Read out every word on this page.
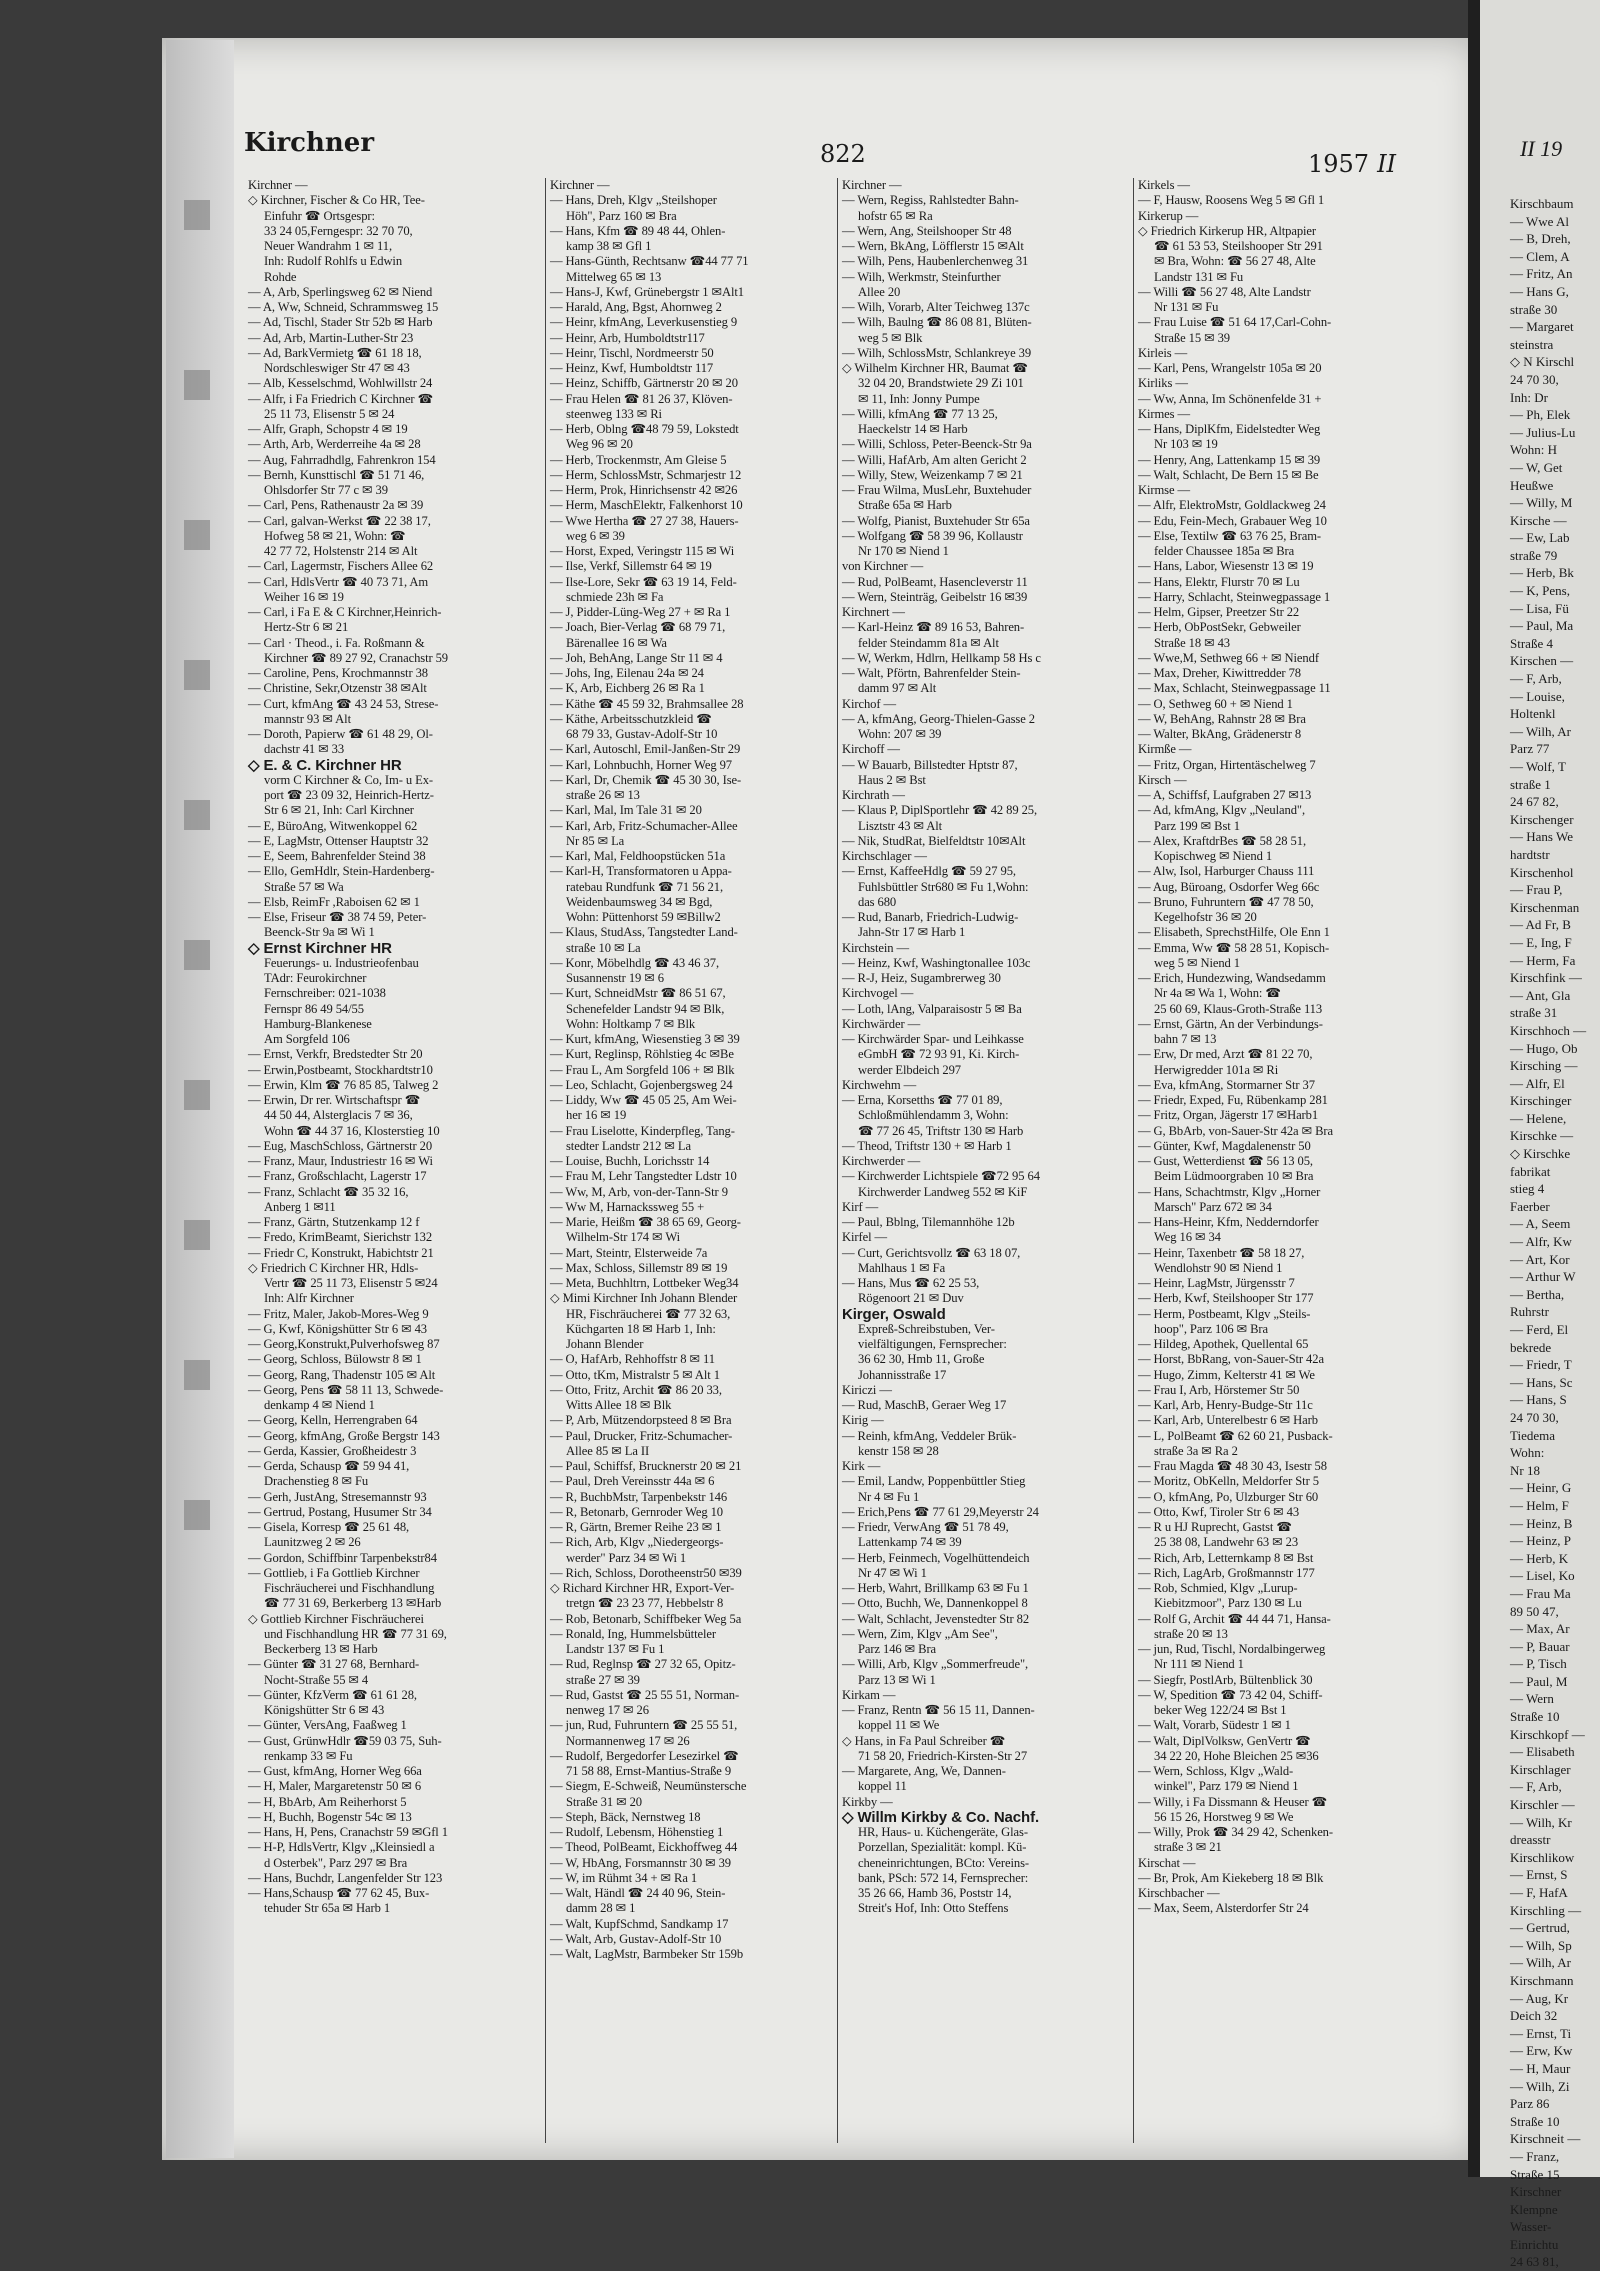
Kirchner	822	1957 II
Kirchner —
◇ Kirchner, Fischer & Co HR, Tee-
Einfuhr ☎ Ortsgespr:
33 24 05,Ferngespr: 32 70 70,
Neuer Wandrahm 1 ✉ 11,
Inh: Rudolf Rohlfs u Edwin
Rohde
— A, Arb, Sperlingsweg 62 ✉ Niend
— A, Ww, Schneid, Schrammsweg 15
— Ad, Tischl, Stader Str 52b ✉ Harb
— Ad, Arb, Martin-Luther-Str 23
— Ad, BarkVermietg ☎ 61 18 18,
Nordschleswiger Str 47 ✉ 43
— Alb, Kesselschmd, Wohlwillstr 24
— Alfr, i Fa Friedrich C Kirchner ☎
25 11 73, Elisenstr 5 ✉ 24
— Alfr, Graph, Schopstr 4 ✉ 19
— Arth, Arb, Werderreihe 4a ✉ 28
— Aug, Fahrradhdlg, Fahrenkron 154
— Bernh, Kunsttischl ☎ 51 71 46,
Ohlsdorfer Str 77 c ✉ 39
— Carl, Pens, Rathenaustr 2a ✉ 39
— Carl, galvan-Werkst ☎ 22 38 17,
Hofweg 58 ✉ 21, Wohn: ☎
42 77 72, Holstenstr 214 ✉ Alt
— Carl, Lagermstr, Fischers Allee 62
— Carl, HdlsVertr ☎ 40 73 71, Am
Weiher 16 ✉ 19
— Carl, i Fa E & C Kirchner,Heinrich-
Hertz-Str 6 ✉ 21
— Carl · Theod., i. Fa. Roßmann &
Kirchner ☎ 89 27 92, Cranachstr 59
— Caroline, Pens, Krochmannstr 38
— Christine, Sekr,Otzenstr 38 ✉Alt
— Curt, kfmAng ☎ 43 24 53, Strese-
mannstr 93 ✉ Alt
— Doroth, Papierw ☎ 61 48 29, Ol-
dachstr 41 ✉ 33
◇ E. & C. Kirchner HR
vorm C Kirchner & Co, Im- u Ex-
port ☎ 23 09 32, Heinrich-Hertz-
Str 6 ✉ 21, Inh: Carl Kirchner
— E, BüroAng, Witwenkoppel 62
— E, LagMstr, Ottenser Hauptstr 32
— E, Seem, Bahrenfelder Steind 38
— Ello, GemHdlr, Stein-Hardenberg-
Straße 57 ✉ Wa
— Elsb, ReimFr ,Raboisen 62 ✉ 1
— Else, Friseur ☎ 38 74 59, Peter-
Beenck-Str 9a ✉ Wi 1
◇ Ernst Kirchner HR
Feuerungs- u. Industrieofenbau
TAdr: Feurokirchner
Fernschreiber: 021-1038
Fernspr 86 49 54/55
Hamburg-Blankenese
Am Sorgfeld 106
— Ernst, Verkfr, Bredstedter Str 20
— Erwin,Postbeamt, Stockhardtstr10
— Erwin, Klm ☎ 76 85 85, Talweg 2
— Erwin, Dr rer. Wirtschaftspr ☎
44 50 44, Alsterglacis 7 ✉ 36,
Wohn ☎ 44 37 16, Klosterstieg 10
— Eug, MaschSchloss, Gärtnerstr 20
— Franz, Maur, Industriestr 16 ✉ Wi
— Franz, Großschlacht, Lagerstr 17
— Franz, Schlacht ☎ 35 32 16,
Anberg 1 ✉11
— Franz, Gärtn, Stutzenkamp 12 f
— Fredo, KrimBeamt, Sierichstr 132
— Friedr C, Konstrukt, Habichtstr 21
◇ Friedrich C Kirchner HR, Hdls-
Vertr ☎ 25 11 73, Elisenstr 5 ✉24
Inh: Alfr Kirchner
— Fritz, Maler, Jakob-Mores-Weg 9
— G, Kwf, Königshütter Str 6 ✉ 43
— Georg,Konstrukt,Pulverhofsweg 87
— Georg, Schloss, Bülowstr 8 ✉ 1
— Georg, Rang, Thadenstr 105 ✉ Alt
— Georg, Pens ☎ 58 11 13, Schwede-
denkamp 4 ✉ Niend 1
— Georg, Kelln, Herrengraben 64
— Georg, kfmAng, Große Bergstr 143
— Gerda, Kassier, Großheidestr 3
— Gerda, Schausp ☎ 59 94 41,
Drachenstieg 8 ✉ Fu
— Gerh, JustAng, Stresemannstr 93
— Gertrud, Postang, Husumer Str 34
— Gisela, Korresp ☎ 25 61 48,
Launitzweg 2 ✉ 26
— Gordon, Schiffbinr Tarpenbekstr84
— Gottlieb, i Fa Gottlieb Kirchner
Fischräucherei und Fischhandlung
☎ 77 31 69, Berkerberg 13 ✉Harb
◇ Gottlieb Kirchner Fischräucherei
und Fischhandlung HR ☎ 77 31 69,
Beckerberg 13 ✉ Harb
— Günter ☎ 31 27 68, Bernhard-
Nocht-Straße 55 ✉ 4
— Günter, KfzVerm ☎ 61 61 28,
Königshütter Str 6 ✉ 43
— Günter, VersAng, Faaßweg 1
— Gust, GrünwHdlr ☎59 03 75, Suh-
renkamp 33 ✉ Fu
— Gust, kfmAng, Horner Weg 66a
— H, Maler, Margaretenstr 50 ✉ 6
— H, BbArb, Am Reiherhorst 5
— H, Buchh, Bogenstr 54c ✉ 13
— Hans, H, Pens, Cranachstr 59 ✉Gfl 1
— H-P, HdlsVertr, Klgv „Kleinsiedl a
d Osterbek", Parz 297 ✉ Bra
— Hans, Buchdr, Langenfelder Str 123
— Hans,Schausp ☎ 77 62 45, Bux-
tehuder Str 65a ✉ Harb 1
Kirchner —
— Hans, Dreh, Klgv „Steilshoper
Höh", Parz 160 ✉ Bra
— Hans, Kfm ☎ 89 48 44, Ohlen-
kamp 38 ✉ Gfl 1
— Hans-Günth, Rechtsanw ☎44 77 71
Mittelweg 65 ✉ 13
— Hans-J, Kwf, Grünebergstr 1 ✉Alt1
— Harald, Ang, Bgst, Ahornweg 2
— Heinr, kfmAng, Leverkusenstieg 9
— Heinr, Arb, Humboldtstr117
— Heinr, Tischl, Nordmeerstr 50
— Heinz, Kwf, Humboldtstr 117
— Heinz, Schiffb, Gärtnerstr 20 ✉ 20
— Frau Helen ☎ 81 26 37, Klöven-
steenweg 133 ✉ Ri
— Herb, Oblng ☎48 79 59, Lokstedt
Weg 96 ✉ 20
— Herb, Trockenmstr, Am Gleise 5
— Herm, SchlossMstr, Schmarjestr 12
— Herm, Prok, Hinrichsenstr 42 ✉26
— Herm, MaschElektr, Falkenhorst 10
— Wwe Hertha ☎ 27 27 38, Hauers-
weg 6 ✉ 39
— Horst, Exped, Veringstr 115 ✉ Wi
— Ilse, Verkf, Sillemstr 64 ✉ 19
— Ilse-Lore, Sekr ☎ 63 19 14, Feld-
schmiede 23h ✉ Fa
— J, Pidder-Lüng-Weg 27 + ✉ Ra 1
— Joach, Bier-Verlag ☎ 68 79 71,
Bärenallee 16 ✉ Wa
— Joh, BehAng, Lange Str 11 ✉ 4
— Johs, Ing, Eilenau 24a ✉ 24
— K, Arb, Eichberg 26 ✉ Ra 1
— Käthe ☎ 45 59 32, Brahmsallee 28
— Käthe, Arbeitsschutzkleid ☎
68 79 33, Gustav-Adolf-Str 10
— Karl, Autoschl, Emil-Janßen-Str 29
— Karl, Lohnbuchh, Horner Weg 97
— Karl, Dr, Chemik ☎ 45 30 30, Ise-
straße 26 ✉ 13
— Karl, Mal, Im Tale 31 ✉ 20
— Karl, Arb, Fritz-Schumacher-Allee
Nr 85 ✉ La
— Karl, Mal, Feldhoopstücken 51a
— Karl-H, Transformatoren u Appa-
ratebau Rundfunk ☎ 71 56 21,
Weidenbaumsweg 34 ✉ Bgd,
Wohn: Püttenhorst 59 ✉Billw2
— Klaus, StudAss, Tangstedter Land-
straße 10 ✉ La
— Konr, Möbelhdlg ☎ 43 46 37,
Susannenstr 19 ✉ 6
— Kurt, SchneidMstr ☎ 86 51 67,
Schenefelder Landstr 94 ✉ Blk,
Wohn: Holtkamp 7 ✉ Blk
— Kurt, kfmAng, Wiesenstieg 3 ✉ 39
— Kurt, Reglinsp, Röhlstieg 4c ✉Be
— Frau L, Am Sorgfeld 106 + ✉ Blk
— Leo, Schlacht, Gojenbergsweg 24
— Liddy, Ww ☎ 45 05 25, Am Wei-
her 16 ✉ 19
— Frau Liselotte, Kinderpfleg, Tang-
stedter Landstr 212 ✉ La
— Louise, Buchh, Lorichsstr 14
— Frau M, Lehr Tangstedter Ldstr 10
— Ww, M, Arb, von-der-Tann-Str 9
— Ww M, Harnackssweg 55 +
— Marie, Heißm ☎ 38 65 69, Georg-
Wilhelm-Str 174 ✉ Wi
— Mart, Steintr, Elsterweide 7a
— Max, Schloss, Sillemstr 89 ✉ 19
— Meta, Buchhltrn, Lottbeker Weg34
◇ Mimi Kirchner Inh Johann Blender
HR, Fischräucherei ☎ 77 32 63,
Küchgarten 18 ✉ Harb 1, Inh:
Johann Blender
— O, HafArb, Rehhoffstr 8 ✉ 11
— Otto, tKm, Mistralstr 5 ✉ Alt 1
— Otto, Fritz, Archit ☎ 86 20 33,
Witts Allee 18 ✉ Blk
— P, Arb, Mützendorpsteed 8 ✉ Bra
— Paul, Drucker, Fritz-Schumacher-
Allee 85 ✉ La II
— Paul, Schiffsf, Brucknerstr 20 ✉ 21
— Paul, Dreh Vereinsstr 44a ✉ 6
— R, BuchbMstr, Tarpenbekstr 146
— R, Betonarb, Gernroder Weg 10
— R, Gärtn, Bremer Reihe 23 ✉ 1
— Rich, Arb, Klgv „Niedergeorgs-
werder" Parz 34 ✉ Wi 1
— Rich, Schloss, Dorotheenstr50 ✉39
◇ Richard Kirchner HR, Export-Ver-
tretgn ☎ 23 23 77, Hebbelstr 8
— Rob, Betonarb, Schiffbeker Weg 5a
— Ronald, Ing, Hummelsbütteler
Landstr 137 ✉ Fu 1
— Rud, Reglnsp ☎ 27 32 65, Opitz-
straße 27 ✉ 39
— Rud, Gastst ☎ 25 55 51, Norman-
nenweg 17 ✉ 26
— jun, Rud, Fuhruntern ☎ 25 55 51,
Normannenweg 17 ✉ 26
— Rudolf, Bergedorfer Lesezirkel ☎
71 58 88, Ernst-Mantius-Straße 9
— Siegm, E-Schweiß, Neumünstersche
Straße 31 ✉ 20
— Steph, Bäck, Nernstweg 18
— Rudolf, Lebensm, Höhenstieg 1
— Theod, PolBeamt, Eickhoffweg 44
— W, HbAng, Forsmannstr 30 ✉ 39
— W, im Rühmt 34 + ✉ Ra 1
— Walt, Händl ☎ 24 40 96, Stein-
damm 28 ✉ 1
— Walt, KupfSchmd, Sandkamp 17
— Walt, Arb, Gustav-Adolf-Str 10
— Walt, LagMstr, Barmbeker Str 159b
Kirchner —
— Wern, Regiss, Rahlstedter Bahn-
hofstr 65 ✉ Ra
— Wern, Ang, Steilshooper Str 48
— Wern, BkAng, Löfflerstr 15 ✉Alt
— Wilh, Pens, Haubenlerchenweg 31
— Wilh, Werkmstr, Steinfurther
Allee 20
— Wilh, Vorarb, Alter Teichweg 137c
— Wilh, Baulng ☎ 86 08 81, Blüten-
weg 5 ✉ Blk
— Wilh, SchlossMstr, Schlankreye 39
◇ Wilhelm Kirchner HR, Baumat ☎
32 04 20, Brandstwiete 29 Zi 101
✉ 11, Inh: Jonny Pumpe
— Willi, kfmAng ☎ 77 13 25,
Haeckelstr 14 ✉ Harb
— Willi, Schloss, Peter-Beenck-Str 9a
— Willi, HafArb, Am alten Gericht 2
— Willy, Stew, Weizenkamp 7 ✉ 21
— Frau Wilma, MusLehr, Buxtehuder
Straße 65a ✉ Harb
— Wolfg, Pianist, Buxtehuder Str 65a
— Wolfgang ☎ 58 39 96, Kollaustr
Nr 170 ✉ Niend 1
von Kirchner —
— Rud, PolBeamt, Hasencleverstr 11
— Wern, Steinträg, Geibelstr 16 ✉39
Kirchnert —
— Karl-Heinz ☎ 89 16 53, Bahren-
felder Steindamm 81a ✉ Alt
— W, Werkm, Hdlrn, Hellkamp 58 Hs c
— Walt, Pförtn, Bahrenfelder Stein-
damm 97 ✉ Alt
Kirchof —
— A, kfmAng, Georg-Thielen-Gasse 2
Wohn: 207 ✉ 39
Kirchoff —
— W Bauarb, Billstedter Hptstr 87,
Haus 2 ✉ Bst
Kirchrath —
— Klaus P, DiplSportlehr ☎ 42 89 25,
Lisztstr 43 ✉ Alt
— Nik, StudRat, Bielfeldtstr 10✉Alt
Kirchschlager —
— Ernst, KaffeeHdlg ☎ 59 27 95,
Fuhlsbüttler Str680 ✉ Fu 1,Wohn:
das 680
— Rud, Banarb, Friedrich-Ludwig-
Jahn-Str 17 ✉ Harb 1
Kirchstein —
— Heinz, Kwf, Washingtonallee 103c
— R-J, Heiz, Sugambrerweg 30
Kirchvogel —
— Loth, lAng, Valparaisostr 5 ✉ Ba
Kirchwärder —
— Kirchwärder Spar- und Leihkasse
eGmbH ☎ 72 93 91, Ki. Kirch-
werder Elbdeich 297
Kirchwehm —
— Erna, Korsetths ☎ 77 01 89,
Schloßmühlendamm 3, Wohn:
☎ 77 26 45, Triftstr 130 ✉ Harb
— Theod, Triftstr 130 + ✉ Harb 1
Kirchwerder —
— Kirchwerder Lichtspiele ☎72 95 64
Kirchwerder Landweg 552 ✉ KiF
Kirf —
— Paul, Bblng, Tilemannhöhe 12b
Kirfel —
— Curt, Gerichtsvollz ☎ 63 18 07,
Mahlhaus 1 ✉ Fa
— Hans, Mus ☎ 62 25 53,
Rögenoort 21 ✉ Duv
Kirger, Oswald
Expreß-Schreibstuben, Ver-
vielfältigungen, Fernsprecher:
36 62 30, Hmb 11, Große
Johannisstraße 17
Kiriczi —
— Rud, MaschB, Geraer Weg 17
Kirig —
— Reinh, kfmAng, Veddeler Brük-
kenstr 158 ✉ 28
Kirk —
— Emil, Landw, Poppenbüttler Stieg
Nr 4 ✉ Fu 1
— Erich,Pens ☎ 77 61 29,Meyerstr 24
— Friedr, VerwAng ☎ 51 78 49,
Lattenkamp 74 ✉ 39
— Herb, Feinmech, Vogelhüttendeich
Nr 47 ✉ Wi 1
— Herb, Wahrt, Brillkamp 63 ✉ Fu 1
— Otto, Buchh, We, Dannenkoppel 8
— Walt, Schlacht, Jevenstedter Str 82
— Wern, Zim, Klgv „Am See",
Parz 146 ✉ Bra
— Willi, Arb, Klgv „Sommerfreude",
Parz 13 ✉ Wi 1
Kirkam —
— Franz, Rentn ☎ 56 15 11, Dannen-
koppel 11 ✉ We
◇ Hans, in Fa Paul Schreiber ☎
71 58 20, Friedrich-Kirsten-Str 27
— Margarete, Ang, We, Dannen-
koppel 11
Kirkby —
◇ Willm Kirkby & Co. Nachf.
HR, Haus- u. Küchengeräte, Glas-
Porzellan, Spezialität: kompl. Kü-
cheneinrichtungen, BCto: Vereins-
bank, PSch: 572 14, Fernsprecher:
35 26 66, Hamb 36, Poststr 14,
Streit's Hof, Inh: Otto Steffens
Kirkels —
— F, Hausw, Roosens Weg 5 ✉ Gfl 1
Kirkerup —
◇ Friedrich Kirkerup HR, Altpapier
☎ 61 53 53, Steilshooper Str 291
✉ Bra, Wohn: ☎ 56 27 48, Alte
Landstr 131 ✉ Fu
— Willi ☎ 56 27 48, Alte Landstr
Nr 131 ✉ Fu
— Frau Luise ☎ 51 64 17,Carl-Cohn-
Straße 15 ✉ 39
Kirleis —
— Karl, Pens, Wrangelstr 105a ✉ 20
Kirliks —
— Ww, Anna, Im Schönenfelde 31 +
Kirmes —
— Hans, DiplKfm, Eidelstedter Weg
Nr 103 ✉ 19
— Henry, Ang, Lattenkamp 15 ✉ 39
— Walt, Schlacht, De Bern 15 ✉ Be
Kirmse —
— Alfr, ElektroMstr, Goldlackweg 24
— Edu, Fein-Mech, Grabauer Weg 10
— Else, Textilw ☎ 63 76 25, Bram-
felder Chaussee 185a ✉ Bra
— Hans, Labor, Wiesenstr 13 ✉ 19
— Hans, Elektr, Flurstr 70 ✉ Lu
— Harry, Schlacht, Steinwegpassage 1
— Helm, Gipser, Preetzer Str 22
— Herb, ObPostSekr, Gebweiler
Straße 18 ✉ 43
— Wwe,M, Sethweg 66 + ✉ Niendf
— Max, Dreher, Kiwittredder 78
— Max, Schlacht, Steinwegpassage 11
— O, Sethweg 60 + ✉ Niend 1
— W, BehAng, Rahnstr 28 ✉ Bra
— Walter, BkAng, Grädenerstr 8
Kirmße —
— Fritz, Organ, Hirtentäschelweg 7
Kirsch —
— A, Schiffsf, Laufgraben 27 ✉13
— Ad, kfmAng, Klgv „Neuland",
Parz 199 ✉ Bst 1
— Alex, KraftdrBes ☎ 58 28 51,
Kopischweg ✉ Niend 1
— Alw, Isol, Harburger Chauss 111
— Aug, Büroang, Osdorfer Weg 66c
— Bruno, Fuhruntern ☎ 47 78 50,
Kegelhofstr 36 ✉ 20
— Elisabeth, SprechstHilfe, Ole Enn 1
— Emma, Ww ☎ 58 28 51, Kopisch-
weg 5 ✉ Niend 1
— Erich, Hundezwing, Wandsedamm
Nr 4a ✉ Wa 1, Wohn: ☎
25 60 69, Klaus-Groth-Straße 113
— Ernst, Gärtn, An der Verbindungs-
bahn 7 ✉ 13
— Erw, Dr med, Arzt ☎ 81 22 70,
Herwigredder 101a ✉ Ri
— Eva, kfmAng, Stormarner Str 37
— Friedr, Exped, Fu, Rübenkamp 281
— Fritz, Organ, Jägerstr 17 ✉Harb1
— G, BbArb, von-Sauer-Str 42a ✉ Bra
— Günter, Kwf, Magdalenenstr 50
— Gust, Wetterdienst ☎ 56 13 05,
Beim Lüdmoorgraben 10 ✉ Bra
— Hans, Schachtmstr, Klgv „Horner
Marsch" Parz 672 ✉ 34
— Hans-Heinr, Kfm, Nedderndorfer
Weg 16 ✉ 34
— Heinr, Taxenbetr ☎ 58 18 27,
Wendlohstr 90 ✉ Niend 1
— Heinr, LagMstr, Jürgensstr 7
— Herb, Kwf, Steilshooper Str 177
— Herm, Postbeamt, Klgv „Steils-
hoop", Parz 106 ✉ Bra
— Hildeg, Apothek, Quellental 65
— Horst, BbRang, von-Sauer-Str 42a
— Hugo, Zimm, Kelterstr 41 ✉ We
— Frau I, Arb, Hörstemer Str 50
— Karl, Arb, Henry-Budge-Str 11c
— Karl, Arb, Unterelbestr 6 ✉ Harb
— L, PolBeamt ☎ 62 60 21, Pusback-
straße 3a ✉ Ra 2
— Frau Magda ☎ 48 30 43, Isestr 58
— Moritz, ObKelln, Meldorfer Str 5
— O, kfmAng, Po, Ulzburger Str 60
— Otto, Kwf, Tiroler Str 6 ✉ 43
— R u HJ Ruprecht, Gastst ☎
25 38 08, Landwehr 63 ✉ 23
— Rich, Arb, Letternkamp 8 ✉ Bst
— Rich, LagArb, Großmannstr 177
— Rob, Schmied, Klgv „Lurup-
Kiebitzmoor", Parz 130 ✉ Lu
— Rolf G, Archit ☎ 44 44 71, Hansa-
straße 20 ✉ 13
— jun, Rud, Tischl, Nordalbingerweg
Nr 111 ✉ Niend 1
— Siegfr, PostlArb, Bültenblick 30
— W, Spedition ☎ 73 42 04, Schiff-
beker Weg 122/24 ✉ Bst 1
— Walt, Vorarb, Südestr 1 ✉ 1
— Walt, DiplVolksw, GenVertr ☎
34 22 20, Hohe Bleichen 25 ✉36
— Wern, Schloss, Klgv „Wald-
winkel", Parz 179 ✉ Niend 1
— Willy, i Fa Dissmann & Heuser ☎
56 15 26, Horstweg 9 ✉ We
— Willy, Prok ☎ 34 29 42, Schenken-
straße 3 ✉ 21
Kirschat —
— Br, Prok, Am Kiekeberg 18 ✉ Blk
Kirschbacher —
— Max, Seem, Alsterdorfer Str 24
II 19
Kirschbaum
— Wwe Al
— B, Dreh,
— Clem, A
— Fritz, An
— Hans G,
straße 30
— Margaret
steinstra
◇ N Kirschl
24 70 30,
Inh: Dr
— Ph, Elek
— Julius-Lu
Wohn: H
— W, Get
Heußwe
— Willy, M
Kirsche —
— Ew, Lab
straße 79
— Herb, Bk
— K, Pens,
— Lisa, Fü
— Paul, Ma
Straße 4
Kirschen —
— F, Arb,
— Louise,
Holtenkl
— Wilh, Ar
Parz 77
— Wolf, T
straße 1
24 67 82,
Kirschenger
— Hans We
hardtstr
Kirschenhol
— Frau P,
Kirschenman
— Ad Fr, B
— E, Ing, F
— Herm, Fa
Kirschfink —
— Ant, Gla
straße 31
Kirschhoch —
— Hugo, Ob
Kirsching —
— Alfr, El
Kirschinger
— Helene,
Kirschke —
◇ Kirschke
fabrikat
stieg 4
Faerber
— A, Seem
— Alfr, Kw
— Art, Kor
— Arthur W
— Bertha,
Ruhrstr
— Ferd, El
bekrede
— Friedr, T
— Hans, Sc
— Hans, S
24 70 30,
Tiedema
Wohn:
Nr 18
— Heinr, G
— Helm, F
— Heinz, B
— Heinz, P
— Herb, K
— Lisel, Ko
— Frau Ma
89 50 47,
— Max, Ar
— P, Bauar
— P, Tisch
— Paul, M
— Wern
Straße 10
Kirschkopf —
— Elisabeth
Kirschlager
— F, Arb,
Kirschler —
— Wilh, Kr
dreasstr
Kirschlikow
— Ernst, S
— F, HafA
Kirschling —
— Gertrud,
— Wilh, Sp
— Wilh, Ar
Kirschmann
— Aug, Kr
Deich 32
— Ernst, Ti
— Erw, Kw
— H, Maur
— Wilh, Zi
Parz 86
Straße 10
Kirschneit —
— Franz,
Straße 15
Kirschner
Klempne
Wasser-
Einrichtu
24 63 81,
